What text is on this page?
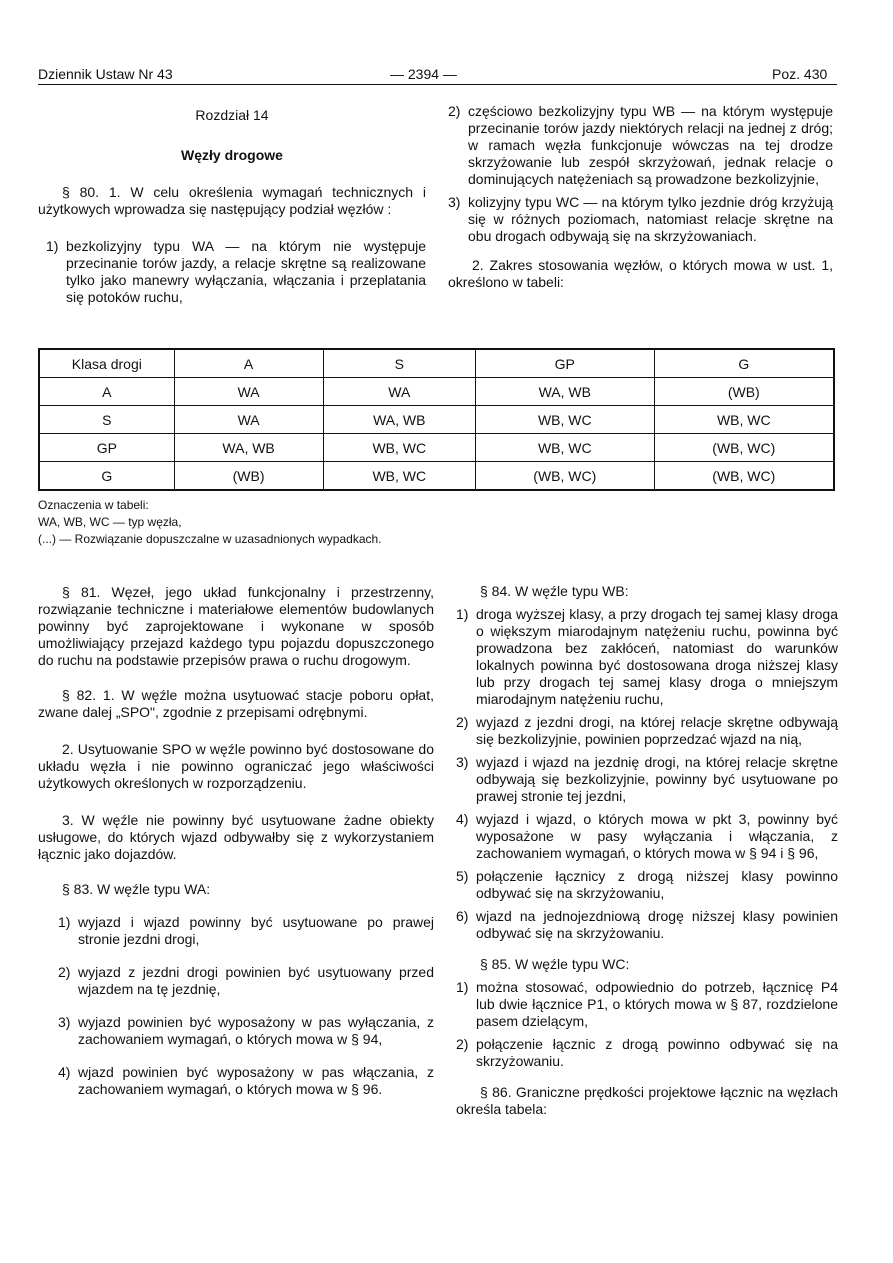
Dziennik Ustaw Nr 43	— 2394 —	Poz. 430

Rozdział 14

Węzły drogowe

§ 80. 1. W celu określenia wymagań technicznych i użytkowych wprowadza się następujący podział węzłów :

1) bezkolizyjny typu WA — na którym nie występuje przecinanie torów jazdy, a relacje skrętne są realizowane tylko jako manewry wyłączania, włączania i przeplatania się potoków ruchu,
2) częściowo bezkolizyjny typu WB — na którym występuje przecinanie torów jazdy niektórych relacji na jednej z dróg; w ramach węzła funkcjonuje wówczas na tej drodze skrzyżowanie lub zespół skrzyżowań, jednak relacje o dominujących natężeniach są prowadzone bezkolizyjnie,
3) kolizyjny typu WC — na którym tylko jezdnie dróg krzyżują się w różnych poziomach, natomiast relacje skrętne na obu drogach odbywają się na skrzyżowaniach.

2. Zakres stosowania węzłów, o których mowa w ust. 1, określono w tabeli:

Klasa drogi	A	S	GP	G
A	WA	WA	WA, WB	(WB)
S	WA	WA, WB	WB, WC	WB, WC
GP	WA, WB	WB, WC	WB, WC	(WB, WC)
G	(WB)	WB, WC	(WB, WC)	(WB, WC)
Oznaczenia w tabeli:
WA, WB, WC — typ węzła,
(...) — Rozwiązanie dopuszczalne w uzasadnionych wypadkach.

§ 81. Węzeł, jego układ funkcjonalny i przestrzenny, rozwiązanie techniczne i materiałowe elementów budowlanych powinny być zaprojektowane i wykonane w sposób umożliwiający przejazd każdego typu pojazdu dopuszczonego do ruchu na podstawie przepisów prawa o ruchu drogowym.

§ 82. 1. W węźle można usytuować stacje poboru opłat, zwane dalej „SPO", zgodnie z przepisami odrębnymi.

2. Usytuowanie SPO w węźle powinno być dostosowane do układu węzła i nie powinno ograniczać jego właściwości użytkowych określonych w rozporządzeniu.

3. W węźle nie powinny być usytuowane żadne obiekty usługowe, do których wjazd odbywałby się z wykorzystaniem łącznic jako dojazdów.

§ 83. W węźle typu WA:

1) wyjazd i wjazd powinny być usytuowane po prawej stronie jezdni drogi,
2) wyjazd z jezdni drogi powinien być usytuowany przed wjazdem na tę jezdnię,
3) wyjazd powinien być wyposażony w pas wyłączania, z zachowaniem wymagań, o których mowa w § 94,
4) wjazd powinien być wyposażony w pas włączania, z zachowaniem wymagań, o których mowa w § 96.

§ 84. W węźle typu WB:

1) droga wyższej klasy, a przy drogach tej samej klasy droga o większym miarodajnym natężeniu ruchu, powinna być prowadzona bez zakłóceń, natomiast do warunków lokalnych powinna być dostosowana droga niższej klasy lub przy drogach tej samej klasy droga o mniejszym miarodajnym natężeniu ruchu,
2) wyjazd z jezdni drogi, na której relacje skrętne odbywają się bezkolizyjnie, powinien poprzedzać wjazd na nią,
3) wyjazd i wjazd na jezdnię drogi, na której relacje skrętne odbywają się bezkolizyjnie, powinny być usytuowane po prawej stronie tej jezdni,
4) wyjazd i wjazd, o których mowa w pkt 3, powinny być wyposażone w pasy wyłączania i włączania, z zachowaniem wymagań, o których mowa w § 94 i § 96,
5) połączenie łącznicy z drogą niższej klasy powinno odbywać się na skrzyżowaniu,
6) wjazd na jednojezdniową drogę niższej klasy powinien odbywać się na skrzyżowaniu.

§ 85. W węźle typu WC:

1) można stosować, odpowiednio do potrzeb, łącznicę P4 lub dwie łącznice P1, o których mowa w § 87, rozdzielone pasem dzielącym,
2) połączenie łącznic z drogą powinno odbywać się na skrzyżowaniu.

§ 86. Graniczne prędkości projektowe łącznic na węzłach określa tabela:
